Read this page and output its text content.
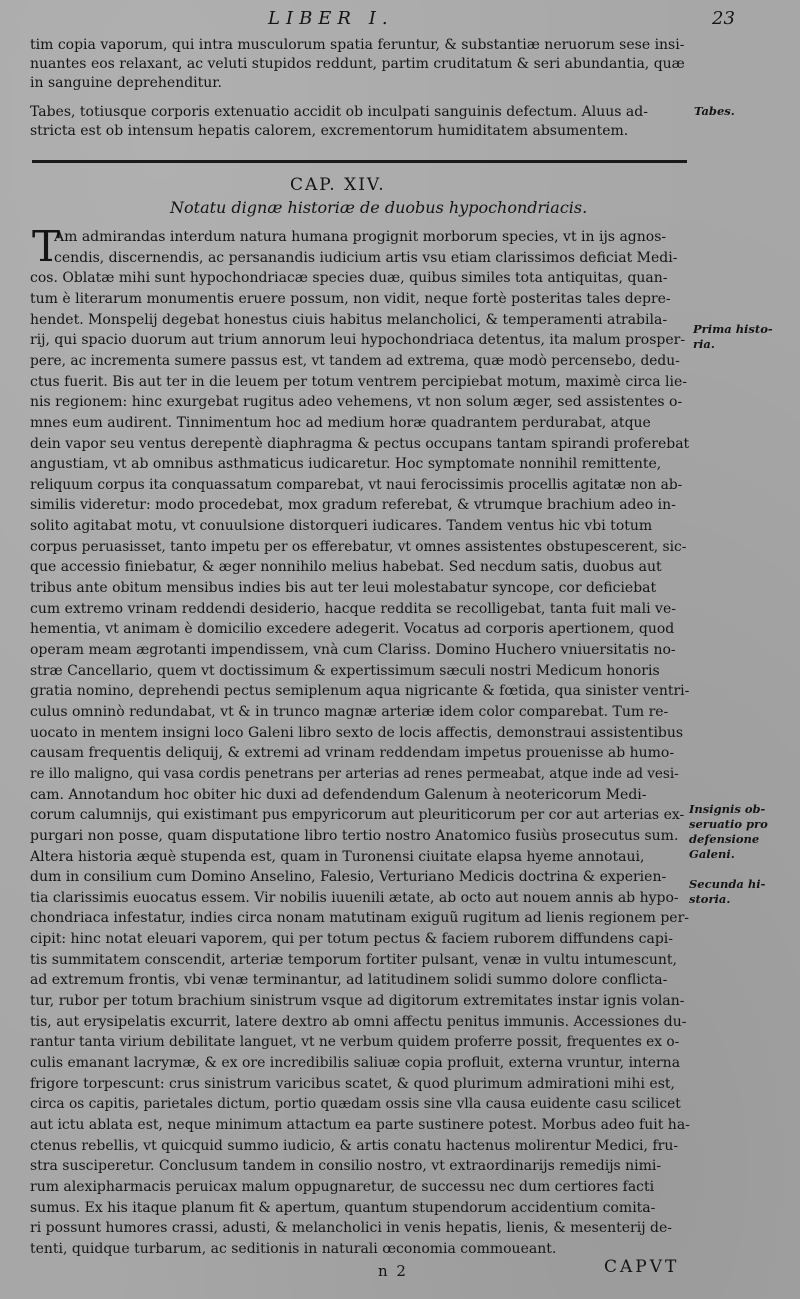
LIBER I.	23
tim copia vaporum, qui intra musculorum spatia feruntur, & substantiæ neruorum sese insi-
nuantes eos relaxant, ac veluti stupidos reddunt, partim cruditatum & seri abundantia, quæ
in sanguine deprehenditur.
Tabes, totiusque corporis extenuatio accidit ob inculpati sanguinis defectum. Aluus ad-
stricta est ob intensum hepatis calorem, excrementorum humiditatem absumentem.
CAP. XIV.
Notatu dignæ historiæ de duobus hypochondriacis.
T
Am admirandas interdum natura humana progignit morborum species, vt in ijs agnos-
cendis, discernendis, ac persanandis iudicium artis vsu etiam clarissimos deficiat Medi-
cos. Oblatæ mihi sunt hypochondriacæ species duæ, quibus similes tota antiquitas, quan-
tum è literarum monumentis eruere possum, non vidit, neque fortè posteritas tales depre-
hendet. Monspelij degebat honestus ciuis habitus melancholici, & temperamenti atrabila-
rij, qui spacio duorum aut trium annorum leui hypochondriaca detentus, ita malum prosper-
pere, ac incrementa sumere passus est, vt tandem ad extrema, quæ modò percensebo, dedu-
ctus fuerit. Bis aut ter in die leuem per totum ventrem percipiebat motum, maximè circa lie-
nis regionem: hinc exurgebat rugitus adeo vehemens, vt non solum æger, sed assistentes o-
mnes eum audirent. Tinnimentum hoc ad medium horæ quadrantem perdurabat, atque
dein vapor seu ventus derepentè diaphragma & pectus occupans tantam spirandi proferebat
angustiam, vt ab omnibus asthmaticus iudicaretur. Hoc symptomate nonnihil remittente,
reliquum corpus ita conquassatum comparebat, vt naui ferocissimis procellis agitatæ non ab-
similis videretur: modo procedebat, mox gradum referebat, & vtrumque brachium adeo in-
solito agitabat motu, vt conuulsione distorqueri iudicares. Tandem ventus hic vbi totum
corpus peruasisset, tanto impetu per os efferebatur, vt omnes assistentes obstupescerent, sic-
que accessio finiebatur, & æger nonnihilo melius habebat. Sed necdum satis, duobus aut
tribus ante obitum mensibus indies bis aut ter leui molestabatur syncope, cor deficiebat
cum extremo vrinam reddendi desiderio, hacque reddita se recolligebat, tanta fuit mali ve-
hementia, vt animam è domicilio excedere adegerit. Vocatus ad corporis apertionem, quod
operam meam ægrotanti impendissem, vnà cum Clariss. Domino Huchero vniuersitatis no-
stræ Cancellario, quem vt doctissimum & expertissimum sæculi nostri Medicum honoris
gratia nomino, deprehendi pectus semiplenum aqua nigricante & fœtida, qua sinister ventri-
culus omninò redundabat, vt & in trunco magnæ arteriæ idem color comparebat. Tum re-
uocato in mentem insigni loco Galeni libro sexto de locis affectis, demonstraui assistentibus
causam frequentis deliquij, & extremi ad vrinam reddendam impetus prouenisse ab humo-
re illo maligno, qui vasa cordis penetrans per arterias ad renes permeabat, atque inde ad vesi-
cam. Annotandum hoc obiter hic duxi ad defendendum Galenum à neotericorum Medi-
corum calumnijs, qui existimant pus empyricorum aut pleuriticorum per cor aut arterias ex-
purgari non posse, quam disputatione libro tertio nostro Anatomico fusiùs prosecutus sum.
Altera historia æquè stupenda est, quam in Turonensi ciuitate elapsa hyeme annotaui,
dum in consilium cum Domino Anselino, Falesio, Verturiano Medicis doctrina & experien-
tia clarissimis euocatus essem. Vir nobilis iuuenili ætate, ab octo aut nouem annis ab hypo-
chondriaca infestatur, indies circa nonam matutinam exiguũ rugitum ad lienis regionem per-
cipit: hinc notat eleuari vaporem, qui per totum pectus & faciem ruborem diffundens capi-
tis summitatem conscendit, arteriæ temporum fortiter pulsant, venæ in vultu intumescunt,
ad extremum frontis, vbi venæ terminantur, ad latitudinem solidi summo dolore conflicta-
tur, rubor per totum brachium sinistrum vsque ad digitorum extremitates instar ignis volan-
tis, aut erysipelatis excurrit, latere dextro ab omni affectu penitus immunis. Accessiones du-
rantur tanta virium debilitate languet, vt ne verbum quidem proferre possit, frequentes ex o-
culis emanant lacrymæ, & ex ore incredibilis saliuæ copia profluit, externa vruntur, interna
frigore torpescunt: crus sinistrum varicibus scatet, & quod plurimum admirationi mihi est,
circa os capitis, parietales dictum, portio quædam ossis sine vlla causa euidente casu scilicet
aut ictu ablata est, neque minimum attactum ea parte sustinere potest. Morbus adeo fuit ha-
ctenus rebellis, vt quicquid summo iudicio, & artis conatu hactenus molirentur Medici, fru-
stra susciperetur. Conclusum tandem in consilio nostro, vt extraordinarijs remedijs nimi-
rum alexipharmacis peruicax malum oppugnaretur, de successu nec dum certiores facti
sumus. Ex his itaque planum fit & apertum, quantum stupendorum accidentium comita-
ri possunt humores crassi, adusti, & melancholici in venis hepatis, lienis, & mesenterij de-
tenti, quidque turbarum, ac seditionis in naturali œconomia commoueant.
Tabes.
Prima histo-
ria.
Insignis ob-
seruatio pro
defensione
Galeni.
Secunda hi-
storia.
n 2	CAPVT
